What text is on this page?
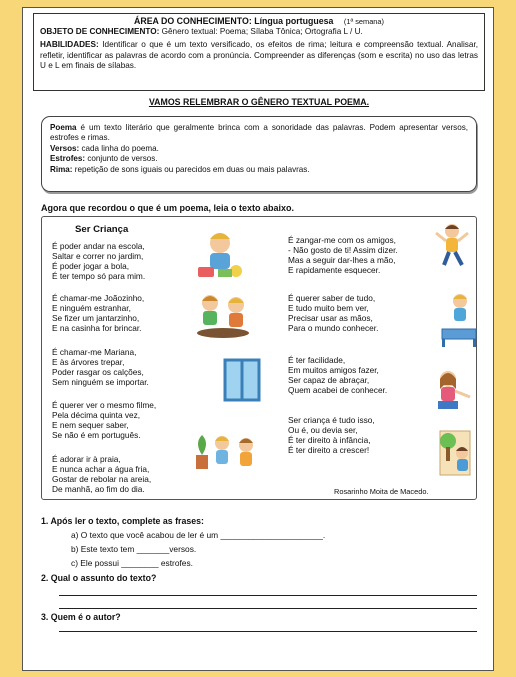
ÁREA DO CONHECIMENTO: Língua portuguesa (1ª semana)
OBJETO DE CONHECIMENTO: Gênero textual: Poema; Sílaba Tônica; Ortografia L / U.
HABILIDADES: Identificar o que é um texto versificado, os efeitos de rima; leitura e compreensão textual. Analisar, refletir, identificar as palavras de acordo com a pronúncia. Compreender as diferenças (som e escrita) no uso das letras U e L em finais de sílabas.
VAMOS RELEMBRAR O GÊNERO TEXTUAL POEMA.
Poema é um texto literário que geralmente brinca com a sonoridade das palavras. Podem apresentar versos, estrofes e rimas.
Versos: cada linha do poema.
Estrofes: conjunto de versos.
Rima: repetição de sons iguais ou parecidos em duas ou mais palavras.
Agora que recordou o que é um poema, leia o texto abaixo.
Ser Criança
É poder andar na escola,
Saltar e correr no jardim,
É poder jogar a bola,
É ter tempo só para mim.
É chamar-me Joãozinho,
E ninguém estranhar,
Se fizer um jantarzinho,
E na casinha for brincar.
É chamar-me Mariana,
E às árvores trepar,
Poder rasgar os calções,
Sem ninguém se importar.
É querer ver o mesmo filme,
Pela décima quinta vez,
E nem sequer saber,
Se não é em português.
É adorar ir à praia,
E nunca achar a água fria,
Gostar de rebolar na areia,
De manhã, ao fim do dia.
É zangar-me com os amigos,
- Não gosto de ti! Assim dizer.
Mas a seguir dar-lhes a mão,
E rapidamente esquecer.
É querer saber de tudo,
E tudo muito bem ver,
Precisar usar as mãos,
Para o mundo conhecer.
É ter facilidade,
Em muitos amigos fazer,
Ser capaz de abraçar,
Quem acabei de conhecer.
Ser criança é tudo isso,
Ou é, ou devia ser,
É ter direito à infância,
É ter direito a crescer!
Rosarinho Moita de Macedo.
1. Após ler o texto, complete as frases:
a) O texto que você acabou de ler é um ______________________.
b) Este texto tem _______versos.
c) Ele possui ________ estrofes.
2. Qual o assunto do texto?
3. Quem é o autor?
